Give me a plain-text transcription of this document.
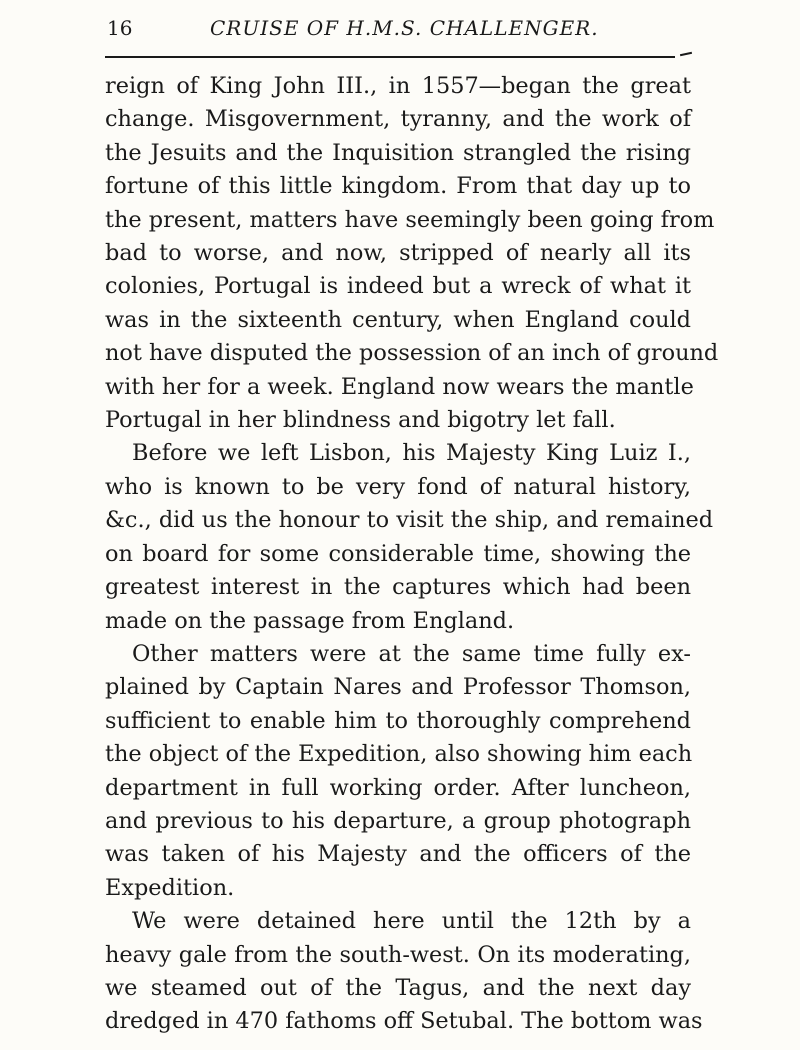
16	CRUISE OF H.M.S. CHALLENGER.
reign of King John III., in 1557—began the great
change. Misgovernment, tyranny, and the work of
the Jesuits and the Inquisition strangled the rising
fortune of this little kingdom. From that day up to
the present, matters have seemingly been going from
bad to worse, and now, stripped of nearly all its
colonies, Portugal is indeed but a wreck of what it
was in the sixteenth century, when England could
not have disputed the possession of an inch of ground
with her for a week. England now wears the mantle
Portugal in her blindness and bigotry let fall.
Before we left Lisbon, his Majesty King Luiz I.,
who is known to be very fond of natural history,
&c., did us the honour to visit the ship, and remained
on board for some considerable time, showing the
greatest interest in the captures which had been
made on the passage from England.
Other matters were at the same time fully ex-
plained by Captain Nares and Professor Thomson,
sufficient to enable him to thoroughly comprehend
the object of the Expedition, also showing him each
department in full working order. After luncheon,
and previous to his departure, a group photograph
was taken of his Majesty and the officers of the
Expedition.
We were detained here until the 12th by a
heavy gale from the south-west. On its moderating,
we steamed out of the Tagus, and the next day
dredged in 470 fathoms off Setubal. The bottom was
